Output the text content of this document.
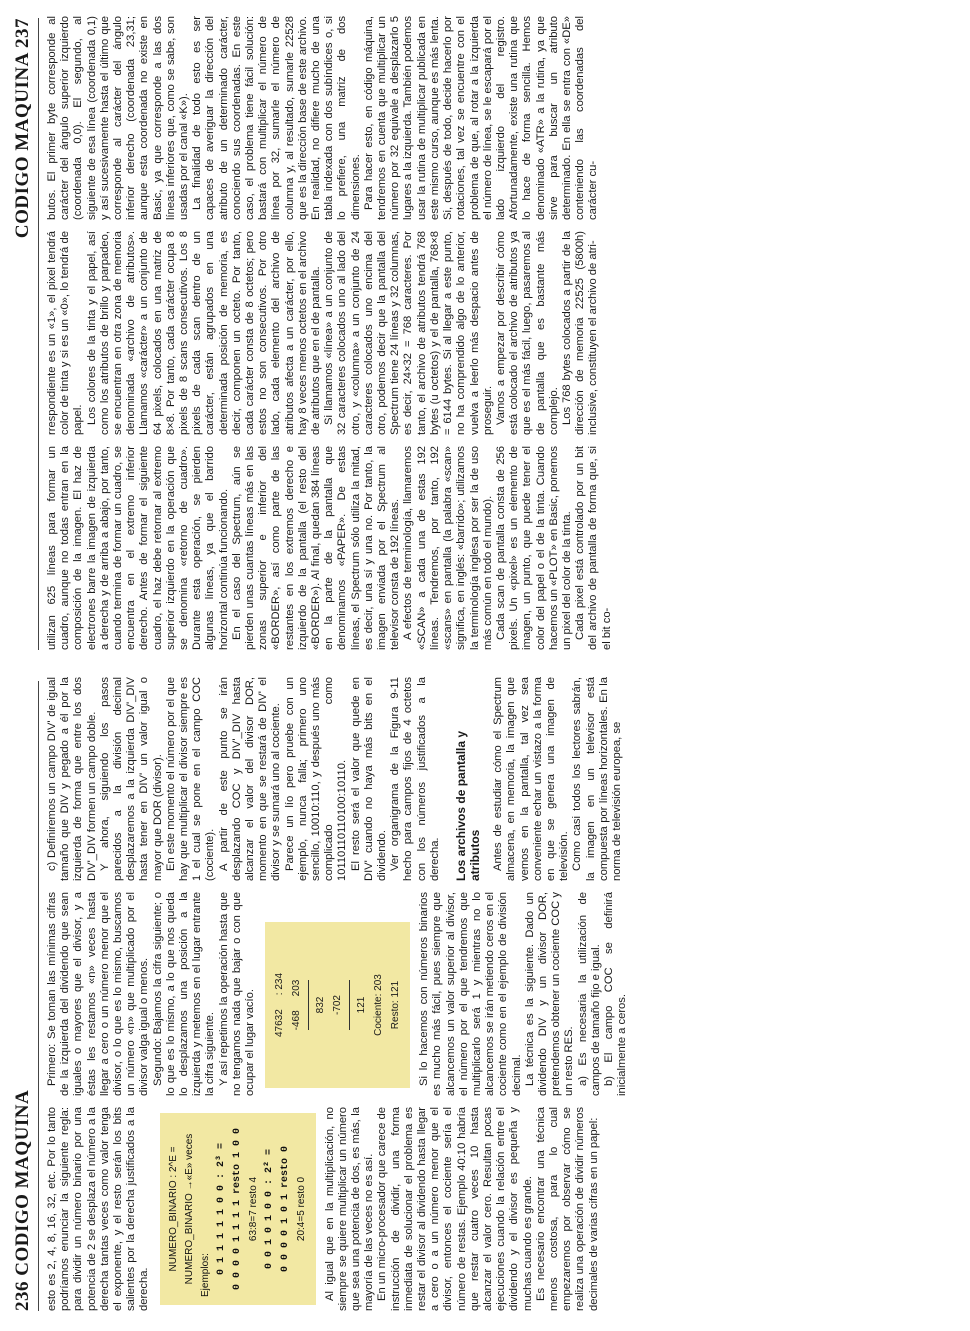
236 CODIGO MAQUINA esto es 2, 4, 8, 16, 32, etc. Por lo tanto podríamos enunciar la siguiente regla: para dividir un número binario por una potencia de 2 se desplaza el número a la derecha tantas veces como valor tenga el exponente, y el resto serán los bits salientes por la derecha justificados a la derecha.

NUMERO_BINARIO : 2^E = NUMERO_BINARIO →«E» veces Ejemplos:
0 1 1 1 1 1 0 0 : 2³ = 0 0 0 0 1 1 1 1 resto 1 0 0 63:8=7 resto 4 0 0 1 0 1 0 0 : 2² = 0 0 0 0 1 0 1 resto 0 20:4=5 resto 0 Al igual que en la multiplicación, no siempre se quiere multiplicar un número que sea una potencia de dos, es más, la mayoría de las veces no es así. En un micro-procesador que carece de instrucción de dividir, una forma inmediata de solucionar el problema es restar el divisor al dividendo hasta llegar a cero o a un número menor que el divisor, entonces el cociente sería el número de restas. Ejemplo 40:10 habría que restar cuatro veces 10 hasta alcanzar el valor cero. Resultan pocas ejecuciones cuando la relación entre el dividendo y el divisor es pequeña y muchas cuando es grande. Es necesario encontrar una técnica menos costosa, para lo cual empezaremos por observar cómo se realiza una operación de dividir números decimales de varias cifras en un papel:

Primero: Se toman las mínimas cifras de la izquierda del dividendo que sean iguales o mayores que el divisor, y a éstas les restamos «n» veces hasta llegar a cero o un número menor que el divisor, o lo que es lo mismo, buscamos un número «n» que multiplicado por el divisor valga igual o menos. Segundo: Bajamos la cifra siguiente; o lo que es lo mismo, a lo que nos queda lo desplazamos una posición a la izquierda y metemos en el lugar entrante la cifra siguiente. Y así repetimos la operación hasta que no tengamos nada que bajar o con que ocupar el lugar vacío.	47632
: 234
-468
203
832 -702	121 Cociente: 203 Resto: 121 Si lo hacemos con números binarios es mucho más fácil, pues siempre que alcancemos un valor superior al divisor, el número por el que tendremos que multiplicarlo será 1 y mientras no lo alcancemos se irán metiendo ceros en el cociente como en el ejemplo de división decimal. La técnica es la siguiente. Dado un dividendo DIV y un divisor DOR, pretendemos obtener un cociente COC y un resto RES. a) Es necesaria la utilización de campos de tamaño fijo e igual. b) El campo COC se definirá inicialmente a ceros.

c) Definiremos un campo DIV' de igual tamaño que DIV y pegado a él por la izquierda de forma que entre los dos DIV'_DIV formen un campo doble. Y ahora, siguiendo los pasos parecidos a la división decimal desplazaremos a la izquierda DIV'_DIV hasta tener en DIV' un valor igual o mayor que DOR (divisor). En este momento el número por el que hay que multiplicar el divisor siempre es 1 el cual se pone en el campo COC (cociente). A partir de este punto se irán desplazando COC y DIV'_DIV hasta alcanzar el valor del divisor DOR, momento en que se restará de DIV' el divisor y se sumará uno al cociente. Parece un lío pero pruebe con un ejemplo, nunca falla; primero uno sencillo, 10010:110, y después uno más complicado como 10110110110100:10110. El resto será el valor que quede en DIV' cuando no haya más bits en el dividendo. Ver organigrama de la Figura 9-11 hecho para campos fijos de 4 octetos con los números justificados a la derecha. Los archivos de pantalla y atributos Antes de estudiar cómo el Spectrum almacena, en memoria, la imagen que vemos en la pantalla, tal vez sea conveniente echar un vistazo a la forma en que se genera una imagen de televisión. Como casi todos los lectores sabrán, la imagen en un televisor está compuesta por líneas horizontales. En la norma de televisión europea, se

CODIGO MAQUINA 237

utilizan 625 líneas para formar un cuadro, aunque no todas entran en la composición de la imagen. El haz de electrones barre la imagen de izquierda a derecha y de arriba a abajo, por tanto, cuando termina de formar un cuadro, se encuentra en el extremo inferior derecho. Antes de formar el siguiente cuadro, el haz debe retornar al extremo superior izquierdo en la operación que se denomina «retorno de cuadro». Durante esta operación, se pierden algunas líneas, ya que el barrido horizontal continúa funcionando. En el caso del Spectrum, aún se pierden unas cuantas líneas más en las zonas superior e inferior del «BORDER», así como parte de las restantes en los extremos derecho e izquierdo de la pantalla (el resto del «BORDER»). Al final, quedan 384 líneas en la parte de la pantalla que denominamos «PAPER». De estas líneas, el Spectrum sólo utiliza la mitad, es decir, una sí y una no. Por tanto, la imagen enviada por el Spectrum al televisor consta de 192 líneas. A efectos de terminología, llamaremos «SCAN» a cada una de estas 192 líneas. Tendremos, por tanto, 192 «scans» en pantalla (la palabra «scan» significa, en inglés: «barrido»; utilizamos la terminología inglesa por ser la de uso más común en todo el mundo). Cada scan de pantalla consta de 256 pixels. Un «pixel» es un elemento de imagen, un punto, que puede tener el color del papel o el de la tinta. Cuando hacemos un «PLOT» en Basic, ponemos un pixel del color de la tinta. Cada pixel está controlado por un bit del archivo de pantalla de forma que, si el bit co-

rrespondiente es un «1», el pixel tendrá color de tinta y si es un «0», lo tendrá de papel. Los colores de la tinta y el papel, así como los atributos de brillo y parpadeo, se encuentran en otra zona de memoria denominada «archivo de atributos». Llamamos «carácter» a un conjunto de 64 pixels, colocados en una matriz de 8×8. Por tanto, cada carácter ocupa 8 pixels de 8 scans consecutivos. Los 8 pixels de cada scan dentro de un carácter, están agrupados en una determinada posición de memoria, es decir, componen un octeto. Por tanto, cada carácter consta de 8 octetos; pero estos no son consecutivos. Por otro lado, cada elemento del archivo de atributos afecta a un carácter, por ello, hay 8 veces menos octetos en el archivo de atributos que en el de pantalla. Si llamamos «línea» a un conjunto de 32 caracteres colocados uno al lado del otro, y «columna» a un conjunto de 24 caracteres colocados uno encima del otro, podemos decir que la pantalla del Spectrum tiene 24 líneas y 32 columnas, es decir, 24×32 = 768 caracteres. Por tanto, el archivo de atributos tendrá 768 bytes (u octetos) y el de pantalla, 768×8 = 6144 bytes. Si al llegar a este punto, no ha comprendido algo de lo anterior, vuelva a leerlo más despacio antes de proseguir. Vamos a empezar por describir cómo está colocado el archivo de atributos ya que es el más fácil, luego, pasaremos al de pantalla que es bastante más complejo. Los 768 bytes colocados a partir de la dirección de memoria 22525 (5800h) inclusive, constituyen el archivo de atri-

butos. El primer byte corresponde al carácter del ángulo superior izquierdo (coordenada 0,0). El segundo, al siguiente de esa línea (coordenada 0,1) y así sucesivamente hasta el último que corresponde al carácter del ángulo inferior derecho (coordenada 23,31; aunque esta coordenada no existe en Basic, ya que corresponde a las dos líneas inferiores que, como se sabe, son usadas por el canal «K»). La finalidad de todo esto es ser capaces de averiguar la dirección del atributo de un determinado carácter, conociendo sus coordenadas. En este caso, el problema tiene fácil solución: bastará con multiplicar el número de línea por 32, sumarle el número de columna y, al resultado, sumarle 22528 que es la dirección base de este archivo. En realidad, no difiere mucho de una tabla indexada con dos subíndices o, si lo prefiere, una matriz de dos dimensiones. Para hacer esto, en código máquina, tendremos en cuenta que multiplicar un número por 32 equivale a desplazarlo 5 lugares a la izquierda. También podemos usar la rutina de multiplicar publicada en este mismo curso, aunque es más lenta. Si, después de todo, decide hacerlo por rotaciones, tal vez se encuentre con el problema de que, al rotar a la izquierda el número de línea, se le escapará por el lado izquierdo del registro. Afortunadamente, existe una rutina que lo hace de forma sencilla. Hemos denominado «ATR» a la rutina, ya que sirve para buscar un atributo determinado. En ella se entra con «DE» conteniendo las coordenadas del carácter cu-
